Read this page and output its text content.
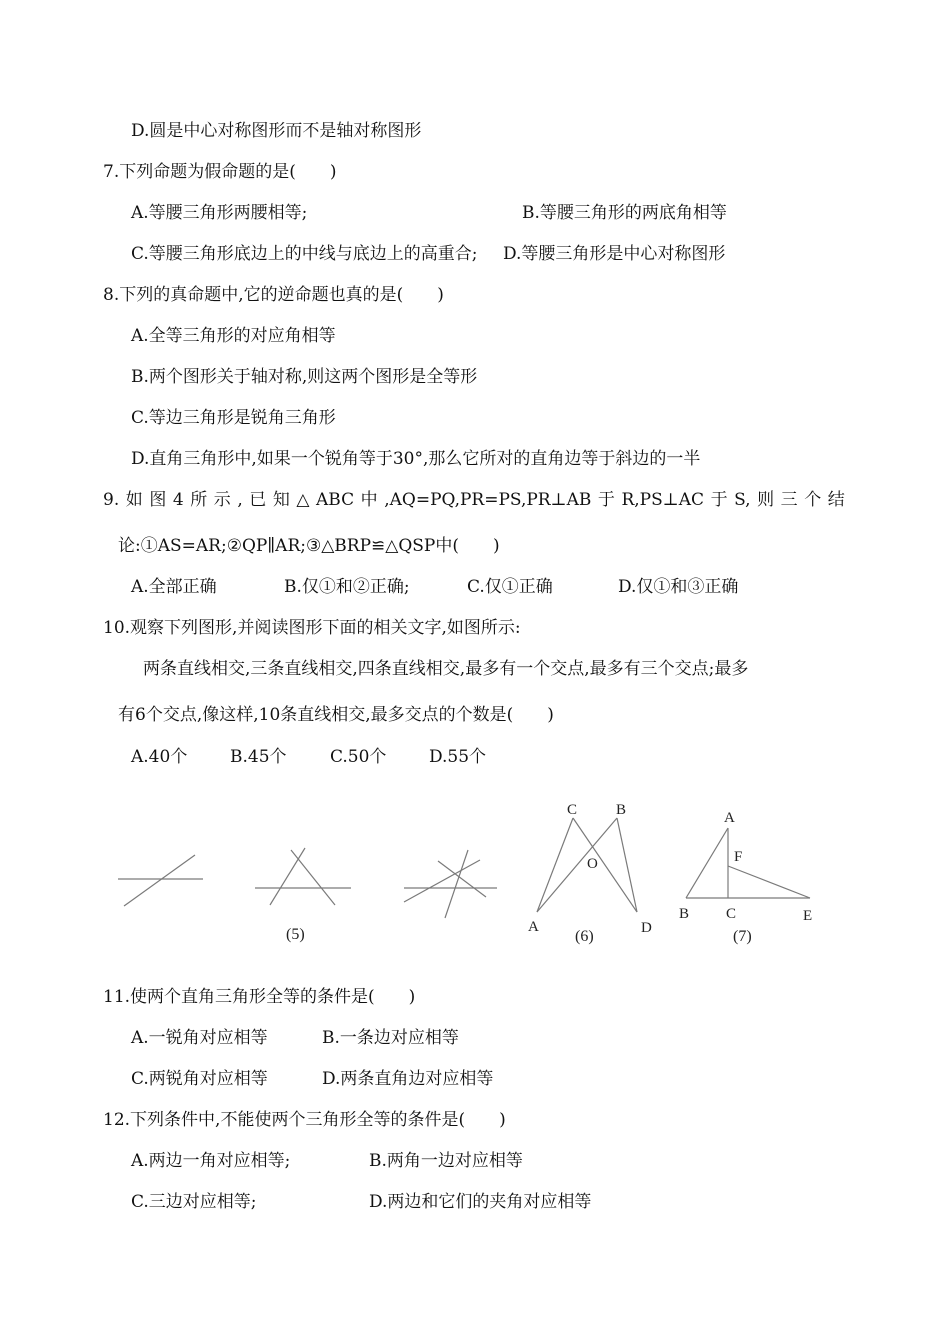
D.圆是中心对称图形而不是轴对称图形
7.下列命题为假命题的是(　　)
A.等腰三角形两腰相等;	B.等腰三角形的两底角相等
C.等腰三角形底边上的中线与底边上的高重合; D.等腰三角形是中心对称图形
8.下列的真命题中,它的逆命题也真的是(　　)
A.全等三角形的对应角相等
B.两个图形关于轴对称,则这两个图形是全等形
C.等边三角形是锐角三角形
D.直角三角形中,如果一个锐角等于30°,那么它所对的直角边等于斜边的一半
9. 如 图 4 所 示 , 已 知 △ ABC 中 ,AQ=PQ,PR=PS,PR⊥AB 于 R,PS⊥AC 于 S, 则 三 个 结
论:①AS=AR;②QP∥AR;③△BRP≌△QSP中(　　)
A.全部正确	B.仅①和②正确;	C.仅①正确	D.仅①和③正确
10.观察下列图形,并阅读图形下面的相关文字,如图所示:
两条直线相交,三条直线相交,四条直线相交,最多有一个交点,最多有三个交点;最多
有6个交点,像这样,10条直线相交,最多交点的个数是(　　)
A.40个	B.45个	C.50个	D.55个
(5)	(6)	(7)
C	B
O
A	D
A
F
B C	E
11.使两个直角三角形全等的条件是(　　)
A.一锐角对应相等	B.一条边对应相等
C.两锐角对应相等	D.两条直角边对应相等
12.下列条件中,不能使两个三角形全等的条件是(　　)
A.两边一角对应相等;	B.两角一边对应相等
C.三边对应相等;	D.两边和它们的夹角对应相等
